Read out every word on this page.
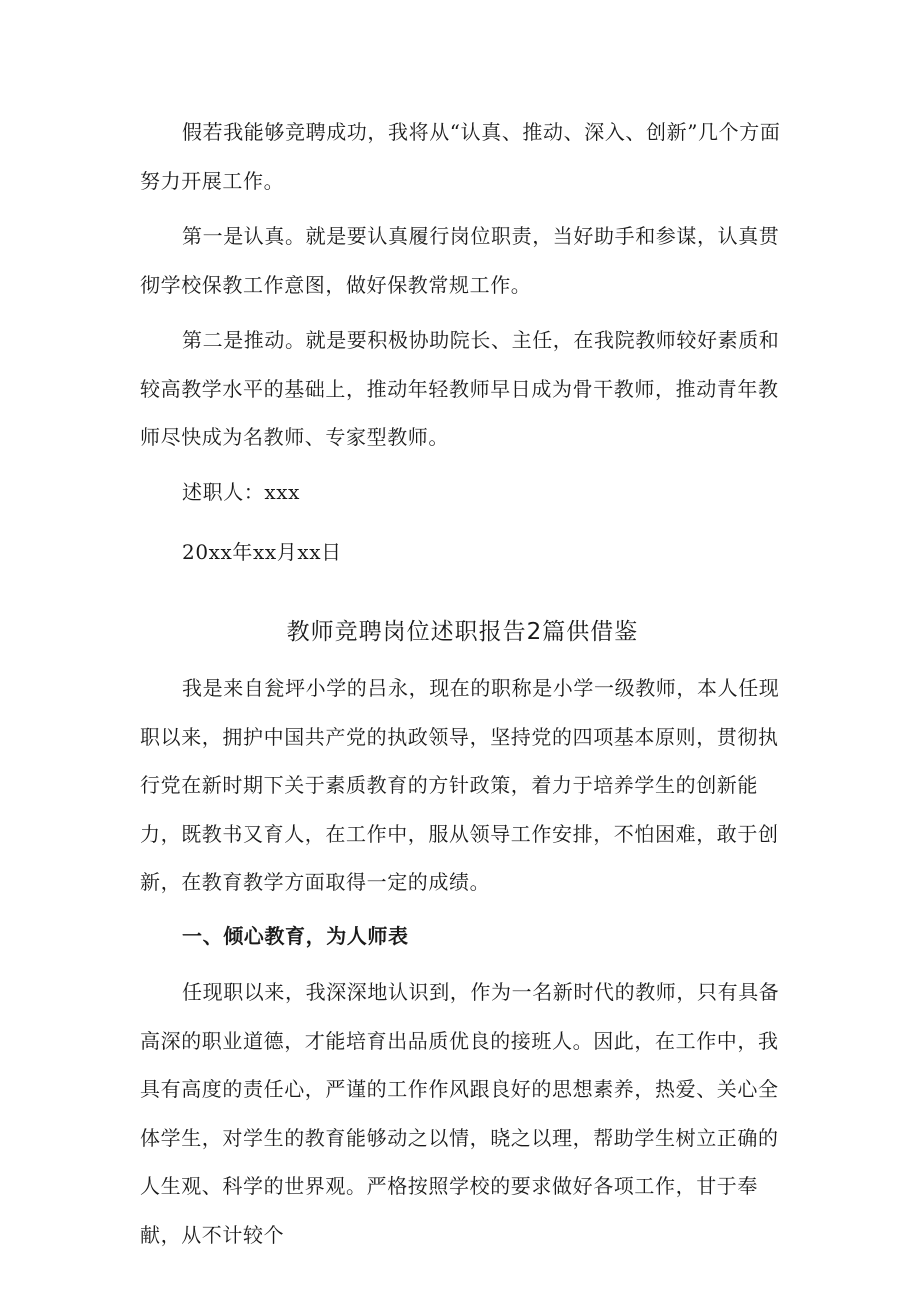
假若我能够竞聘成功，我将从“认真、推动、深入、创新”几个方面努力开展工作。

第一是认真。就是要认真履行岗位职责，当好助手和参谋，认真贯彻学校保教工作意图，做好保教常规工作。

第二是推动。就是要积极协助院长、主任，在我院教师较好素质和较高教学水平的基础上，推动年轻教师早日成为骨干教师，推动青年教师尽快成为名教师、专家型教师。

述职人：xxx

20xx年xx月xx日

教师竞聘岗位述职报告2篇供借鉴

我是来自瓮坪小学的吕永，现在的职称是小学一级教师，本人任现职以来，拥护中国共产党的执政领导，坚持党的四项基本原则，贯彻执行党在新时期下关于素质教育的方针政策，着力于培养学生的创新能力，既教书又育人，在工作中，服从领导工作安排，不怕困难，敢于创新，在教育教学方面取得一定的成绩。

一、倾心教育，为人师表

任现职以来，我深深地认识到，作为一名新时代的教师，只有具备高深的职业道德，才能培育出品质优良的接班人。因此，在工作中，我具有高度的责任心，严谨的工作作风跟良好的思想素养，热爱、关心全体学生，对学生的教育能够动之以情，晓之以理，帮助学生树立正确的人生观、科学的世界观。严格按照学校的要求做好各项工作，甘于奉献，从不计较个
